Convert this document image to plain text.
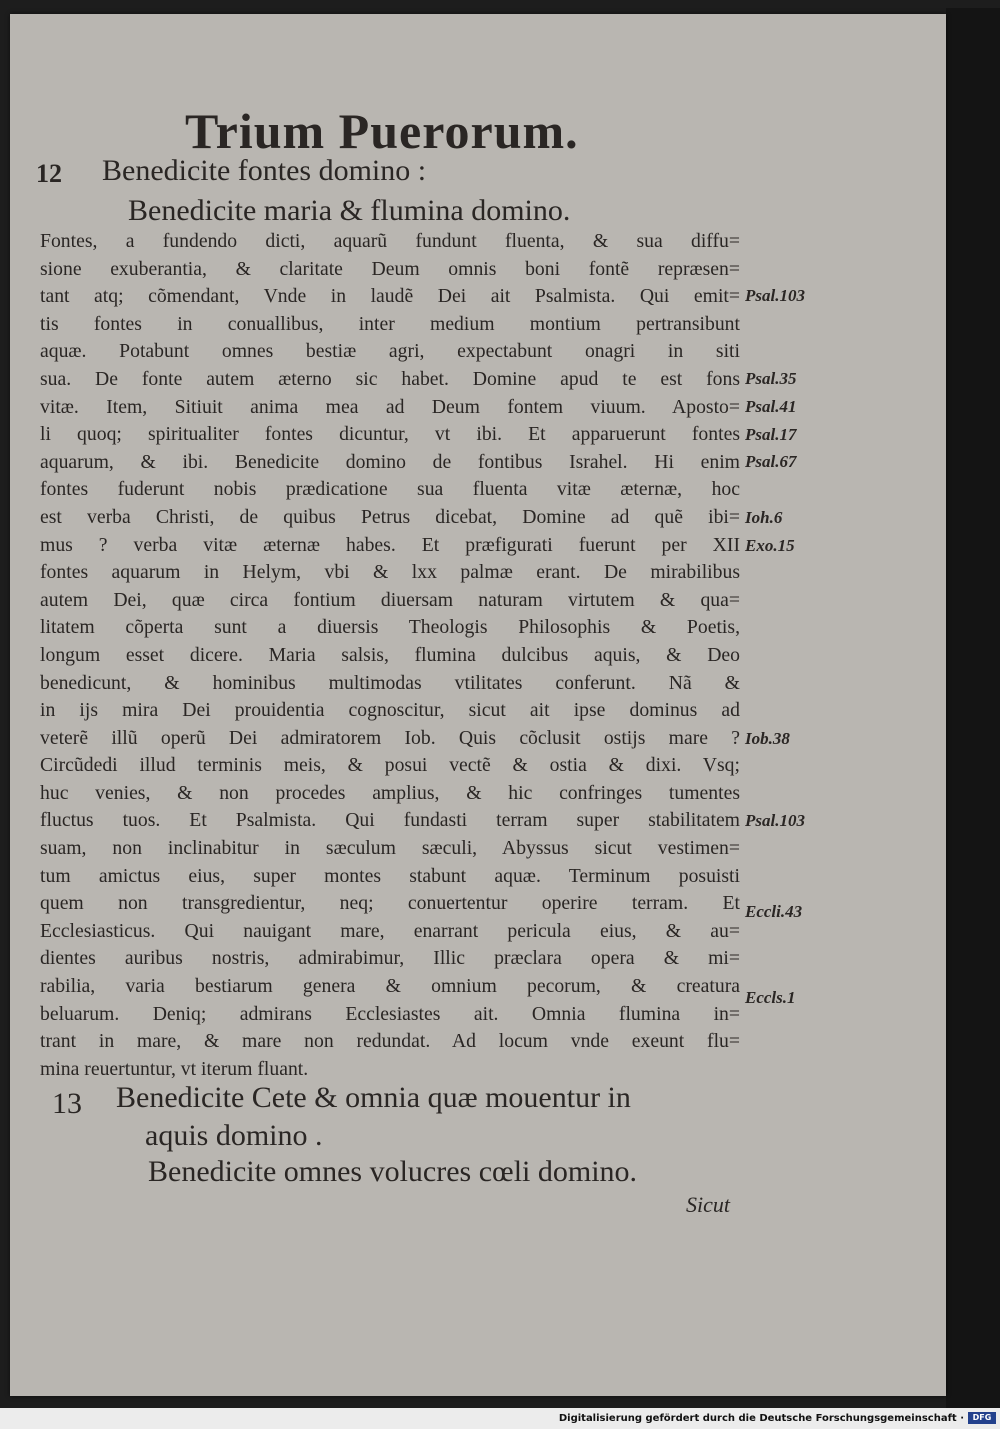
Trium Puerorum.
12 Benedicite fontes domino :
Benedicite maria & flumina domino.
Fontes, a fundendo dicti, aquarũ fundunt fluenta, & sua diffu=
sione exuberantia, & claritate Deum omnis boni fontẽ repræsen=
tant atq; cõmendant, Vnde in laudẽ Dei ait Psalmista. Qui emit=
tis fontes in conuallibus, inter medium montium pertransibunt
aquæ. Potabunt omnes bestiæ agri, expectabunt onagri in siti
sua. De fonte autem æterno sic habet. Domine apud te est fons
vitæ. Item, Sitiuit anima mea ad Deum fontem viuum. Aposto=
li quoq; spiritualiter fontes dicuntur, vt ibi. Et apparuerunt fontes
aquarum, & ibi. Benedicite domino de fontibus Israhel. Hi enim
fontes fuderunt nobis prædicatione sua fluenta vitæ æternæ, hoc
est verba Christi, de quibus Petrus dicebat, Domine ad quẽ ibi=
mus ? verba vitæ æternæ habes. Et præfigurati fuerunt per XII
fontes aquarum in Helym, vbi & lxx palmæ erant. De mirabilibus
autem Dei, quæ circa fontium diuersam naturam virtutem & qua=
litatem cõperta sunt a diuersis Theologis Philosophis & Poetis,
longum esset dicere. Maria salsis, flumina dulcibus aquis, & Deo
benedicunt, & hominibus multimodas vtilitates conferunt. Nã &
in ijs mira Dei prouidentia cognoscitur, sicut ait ipse dominus ad
veterẽ illũ operũ Dei admiratorem Iob. Quis cõclusit ostijs mare ?
Circũdedi illud terminis meis, & posui vectẽ & ostia & dixi. Vsq;
huc venies, & non procedes amplius, & hic confringes tumentes
fluctus tuos. Et Psalmista. Qui fundasti terram super stabilitatem
suam, non inclinabitur in sæculum sæculi, Abyssus sicut vestimen=
tum amictus eius, super montes stabunt aquæ. Terminum posuisti
quem non transgredientur, neq; conuertentur operire terram. Et
Ecclesiasticus. Qui nauigant mare, enarrant pericula eius, & au=
dientes auribus nostris, admirabimur, Illic præclara opera & mi=
rabilia, varia bestiarum genera & omnium pecorum, & creatura
beluarum. Deniq; admirans Ecclesiastes ait. Omnia flumina in=
trant in mare, & mare non redundat. Ad locum vnde exeunt flu=
mina reuertuntur, vt iterum fluant.
Psal.103
Psal.35
Psal.41
Psal.17
Psal.67
Ioh.6
Exo.15
Iob.38
Psal.103
Eccli.43
Eccls.1
13 Benedicite Cete & omnia quæ mouentur in
aquis domino .
Benedicite omnes volucres cœli domino.
Sicut
Digitalisierung gefördert durch die Deutsche Forschungsgemeinschaft ·	DFG
